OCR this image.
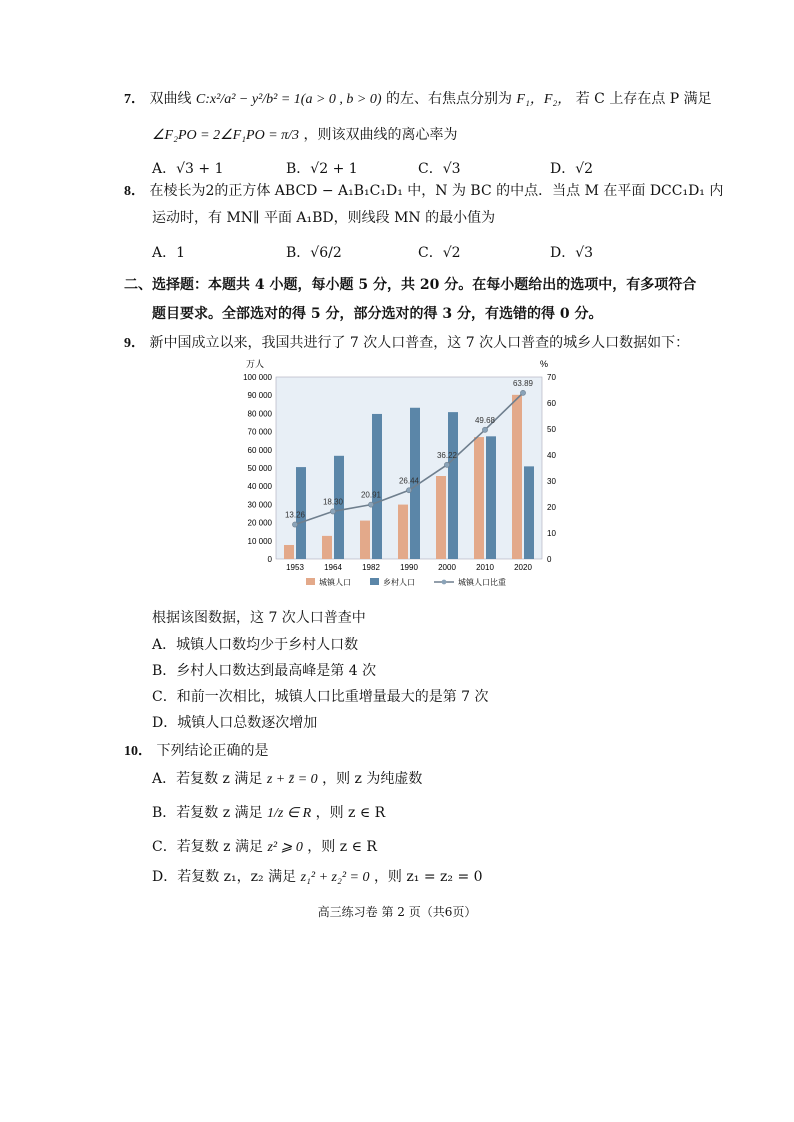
7． 双曲线 C:x²/a² − y²/b² = 1(a > 0 , b > 0) 的左、右焦点分别为 F₁，F₂， 若 C 上存在点 P 满足
∠F₂PO = 2∠F₁PO = π/3 ，则该双曲线的离心率为
A．√3 + 1	B．√2 + 1	C．√3	D．√2
8． 在棱长为2的正方体 ABCD − A₁B₁C₁D₁ 中，N 为 BC 的中点．当点 M 在平面 DCC₁D₁ 内
运动时，有 MN∥ 平面 A₁BD，则线段 MN 的最小值为
A．1	B．√6/2	C．√2	D．√3
二、选择题：本题共 4 小题，每小题 5 分，共 20 分。在每小题给出的选项中，有多项符合
题目要求。全部选对的得 5 分，部分选对的得 3 分，有选错的得 0 分。
9． 新中国成立以来，我国共进行了 7 次人口普查，这 7 次人口普查的城乡人口数据如下：
万人	%
0
10 000
20 000
30 000
40 000
50 000
60 000
70 000
80 000
90 000
100 000
0
10
20
30
40
50
60
70
13.26
18.30
20.91
26.44
36.22
49.68
63.89
1953	1964	1982	1990	2000	2010	2020
城镇人口	乡村人口	城镇人口比重
根据该图数据，这 7 次人口普查中
A．城镇人口数均少于乡村人口数
B．乡村人口数达到最高峰是第 4 次
C．和前一次相比，城镇人口比重增量最大的是第 7 次
D．城镇人口总数逐次增加
10． 下列结论正确的是
A．若复数 z 满足 z + z̄ = 0 ，则 z 为纯虚数
B．若复数 z 满足 1/z ∈ R ，则 z ∈ R
C．若复数 z 满足 z² ⩾ 0 ，则 z ∈ R
D．若复数 z₁，z₂ 满足 z₁² + z₂² = 0 ，则 z₁ = z₂ = 0
高三练习卷 第 2 页（共6页）
